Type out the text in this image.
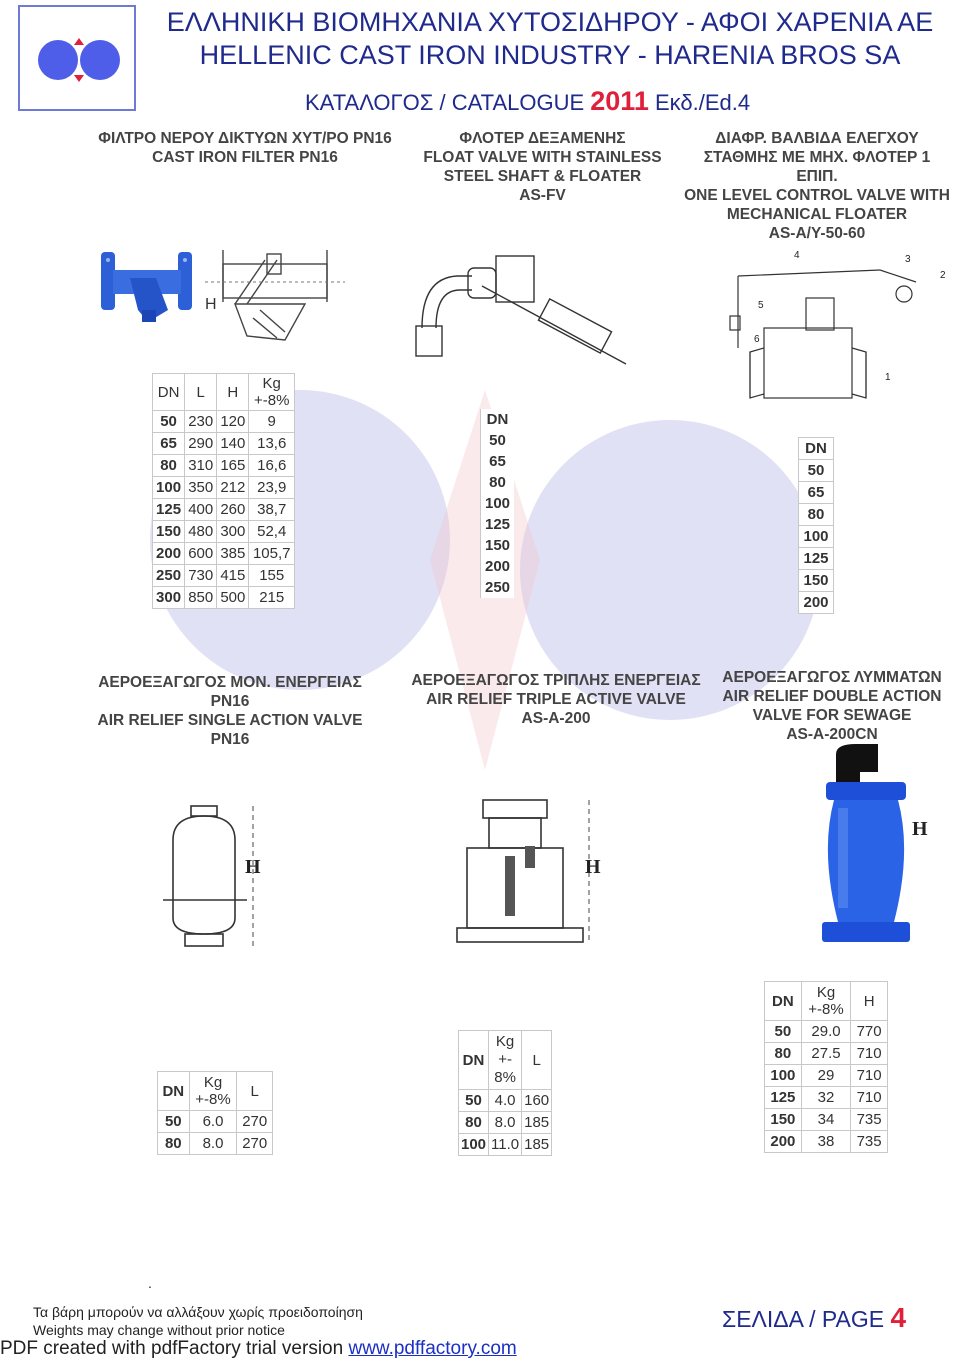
ΕΛΛΗΝΙΚΗ ΒΙΟΜΗΧΑΝΙΑ ΧΥΤΟΣΙΔΗΡΟΥ - ΑΦΟΙ ΧΑΡΕΝΙΑ ΑΕ
HELLENIC CAST IRON INDUSTRY - HARENIA BROS SA
ΚΑΤΑΛΟΓΟΣ / CATALOGUE 2011 Εκδ./Ed.4
ΦΙΛΤΡΟ ΝΕΡΟΥ ΔΙΚΤΥΩΝ ΧΥΤ/ΡΟ PN16
CAST IRON FILTER PN16
ΦΛΟΤΕΡ ΔΕΞΑΜΕΝΗΣ
FLOAT VALVE WITH STAINLESS
STEEL SHAFT & FLOATER
AS-FV
ΔΙΑΦΡ. ΒΑΛΒΙΔΑ ΕΛΕΓΧΟΥ
ΣΤΑΘΜΗΣ ΜΕ ΜΗΧ. ΦΛΟΤΕΡ 1
ΕΠΙΠ.
ONE LEVEL CONTROL VALVE WITH
MECHANICAL FLOATER
AS-A/Y-50-60
H
1
2
3
4
5
6
DN	L	H	Kg
+-8%
50	230	120	9
65	290	140	13,6
80	310	165	16,6
100	350	212	23,9
125	400	260	38,7
150	480	300	52,4
200	600	385	105,7
250	730	415	155
300	850	500	215
DN
50
65
80
100
125
150
200
250
DN
50
65
80
100
125
150
200
ΑΕΡΟΕΞΑΓΩΓΟΣ ΜΟΝ. ΕΝΕΡΓΕΙΑΣ
PN16
AIR RELIEF SINGLE ACTION VALVE
PN16
ΑΕΡΟΕΞΑΓΩΓΟΣ ΤΡΙΠΛΗΣ ΕΝΕΡΓΕΙΑΣ
AIR RELIEF TRIPLE ACTIVE VALVE
AS-A-200
ΑΕΡΟΕΞΑΓΩΓΟΣ ΛΥΜΜΑΤΩΝ
AIR RELIEF DOUBLE ACTION
VALVE FOR SEWAGE
AS-A-200CN
H	H
H
DN	Kg
+-8%	L
50	6.0	270
80	8.0	270
DN	Kg
+-
8%	L
50	4.0	160
80	8.0	185
100	11.0	185
DN	Kg
+-8%	H
50	29.0	770
80	27.5	710
100	29	710
125	32	710
150	34	735
200	38	735
.
Τα βάρη μπορούν να αλλάξουν χωρίς προειδοποίηση
Weights may change without prior notice	ΣΕΛΙΔΑ / PAGE 4
PDF created with pdfFactory trial version www.pdffactory.com
